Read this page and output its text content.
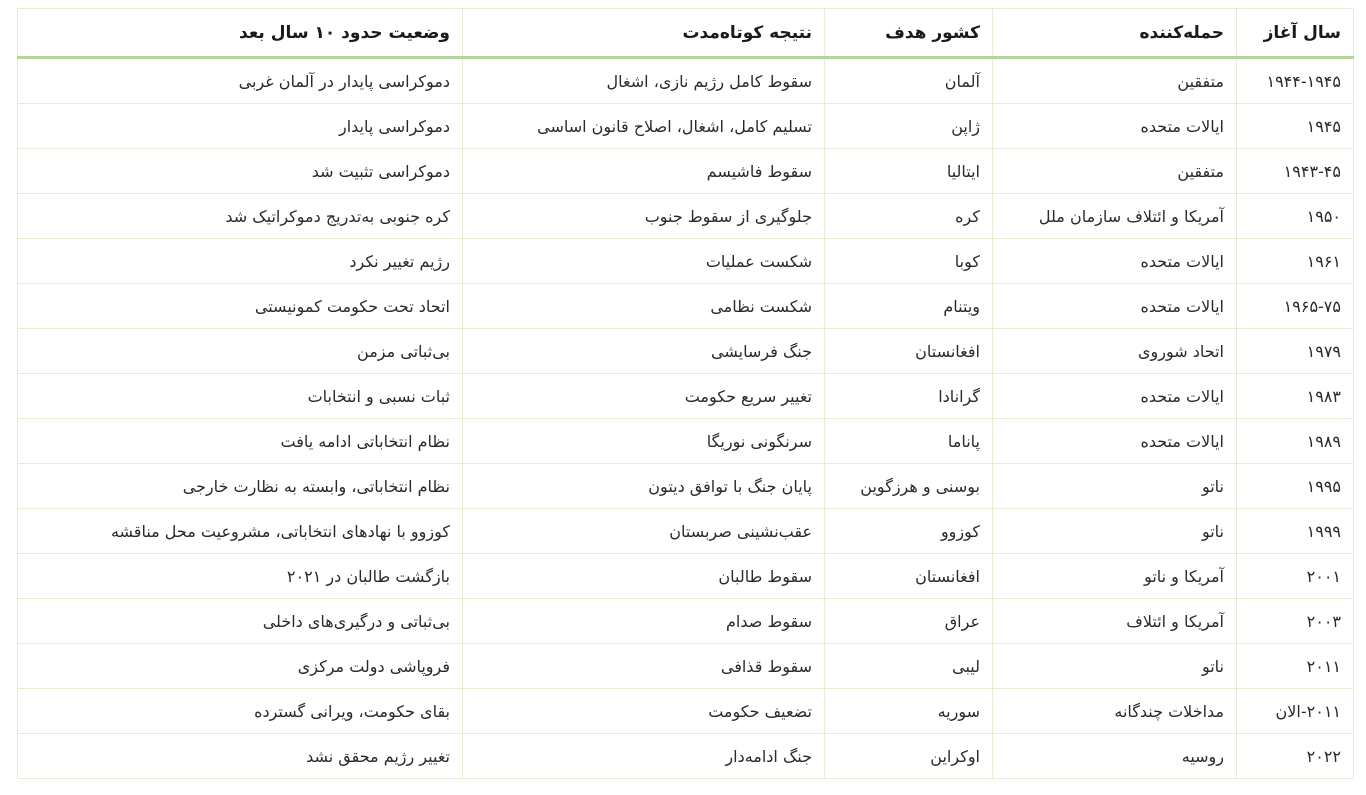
سال آغاز	حمله‌کننده	کشور هدف	نتیجه کوتاه‌مدت	وضعیت حدود ۱۰ سال بعد
۱۹۴۴-۱۹۴۵	متفقین	آلمان	سقوط کامل رژیم نازی، اشغال	دموکراسی پایدار در آلمان غربی
۱۹۴۵	ایالات متحده	ژاپن	تسلیم کامل، اشغال، اصلاح قانون اساسی	دموکراسی پایدار
۱۹۴۳-۴۵	متفقین	ایتالیا	سقوط فاشیسم	دموکراسی تثبیت شد
۱۹۵۰	آمریکا و ائتلاف سازمان ملل	کره	جلوگیری از سقوط جنوب	کره جنوبی به‌تدریج دموکراتیک شد
۱۹۶۱	ایالات متحده	کوبا	شکست عملیات	رژیم تغییر نکرد
۱۹۶۵-۷۵	ایالات متحده	ویتنام	شکست نظامی	اتحاد تحت حکومت کمونیستی
۱۹۷۹	اتحاد شوروی	افغانستان	جنگ فرسایشی	بی‌ثباتی مزمن
۱۹۸۳	ایالات متحده	گرانادا	تغییر سریع حکومت	ثبات نسبی و انتخابات
۱۹۸۹	ایالات متحده	پاناما	سرنگونی نوریگا	نظام انتخاباتی ادامه یافت
۱۹۹۵	ناتو	بوسنی و هرزگوین	پایان جنگ با توافق دیتون	نظام انتخاباتی، وابسته به نظارت خارجی
۱۹۹۹	ناتو	کوزوو	عقب‌نشینی صربستان	کوزوو با نهادهای انتخاباتی، مشروعیت محل مناقشه
۲۰۰۱	آمریکا و ناتو	افغانستان	سقوط طالبان	بازگشت طالبان در ۲۰۲۱
۲۰۰۳	آمریکا و ائتلاف	عراق	سقوط صدام	بی‌ثباتی و درگیری‌های داخلی
۲۰۱۱	ناتو	لیبی	سقوط قذافی	فروپاشی دولت مرکزی
۲۰۱۱-الان	مداخلات چندگانه	سوریه	تضعیف حکومت	بقای حکومت، ویرانی گسترده
۲۰۲۲	روسیه	اوکراین	جنگ ادامه‌دار	تغییر رژیم محقق نشد
